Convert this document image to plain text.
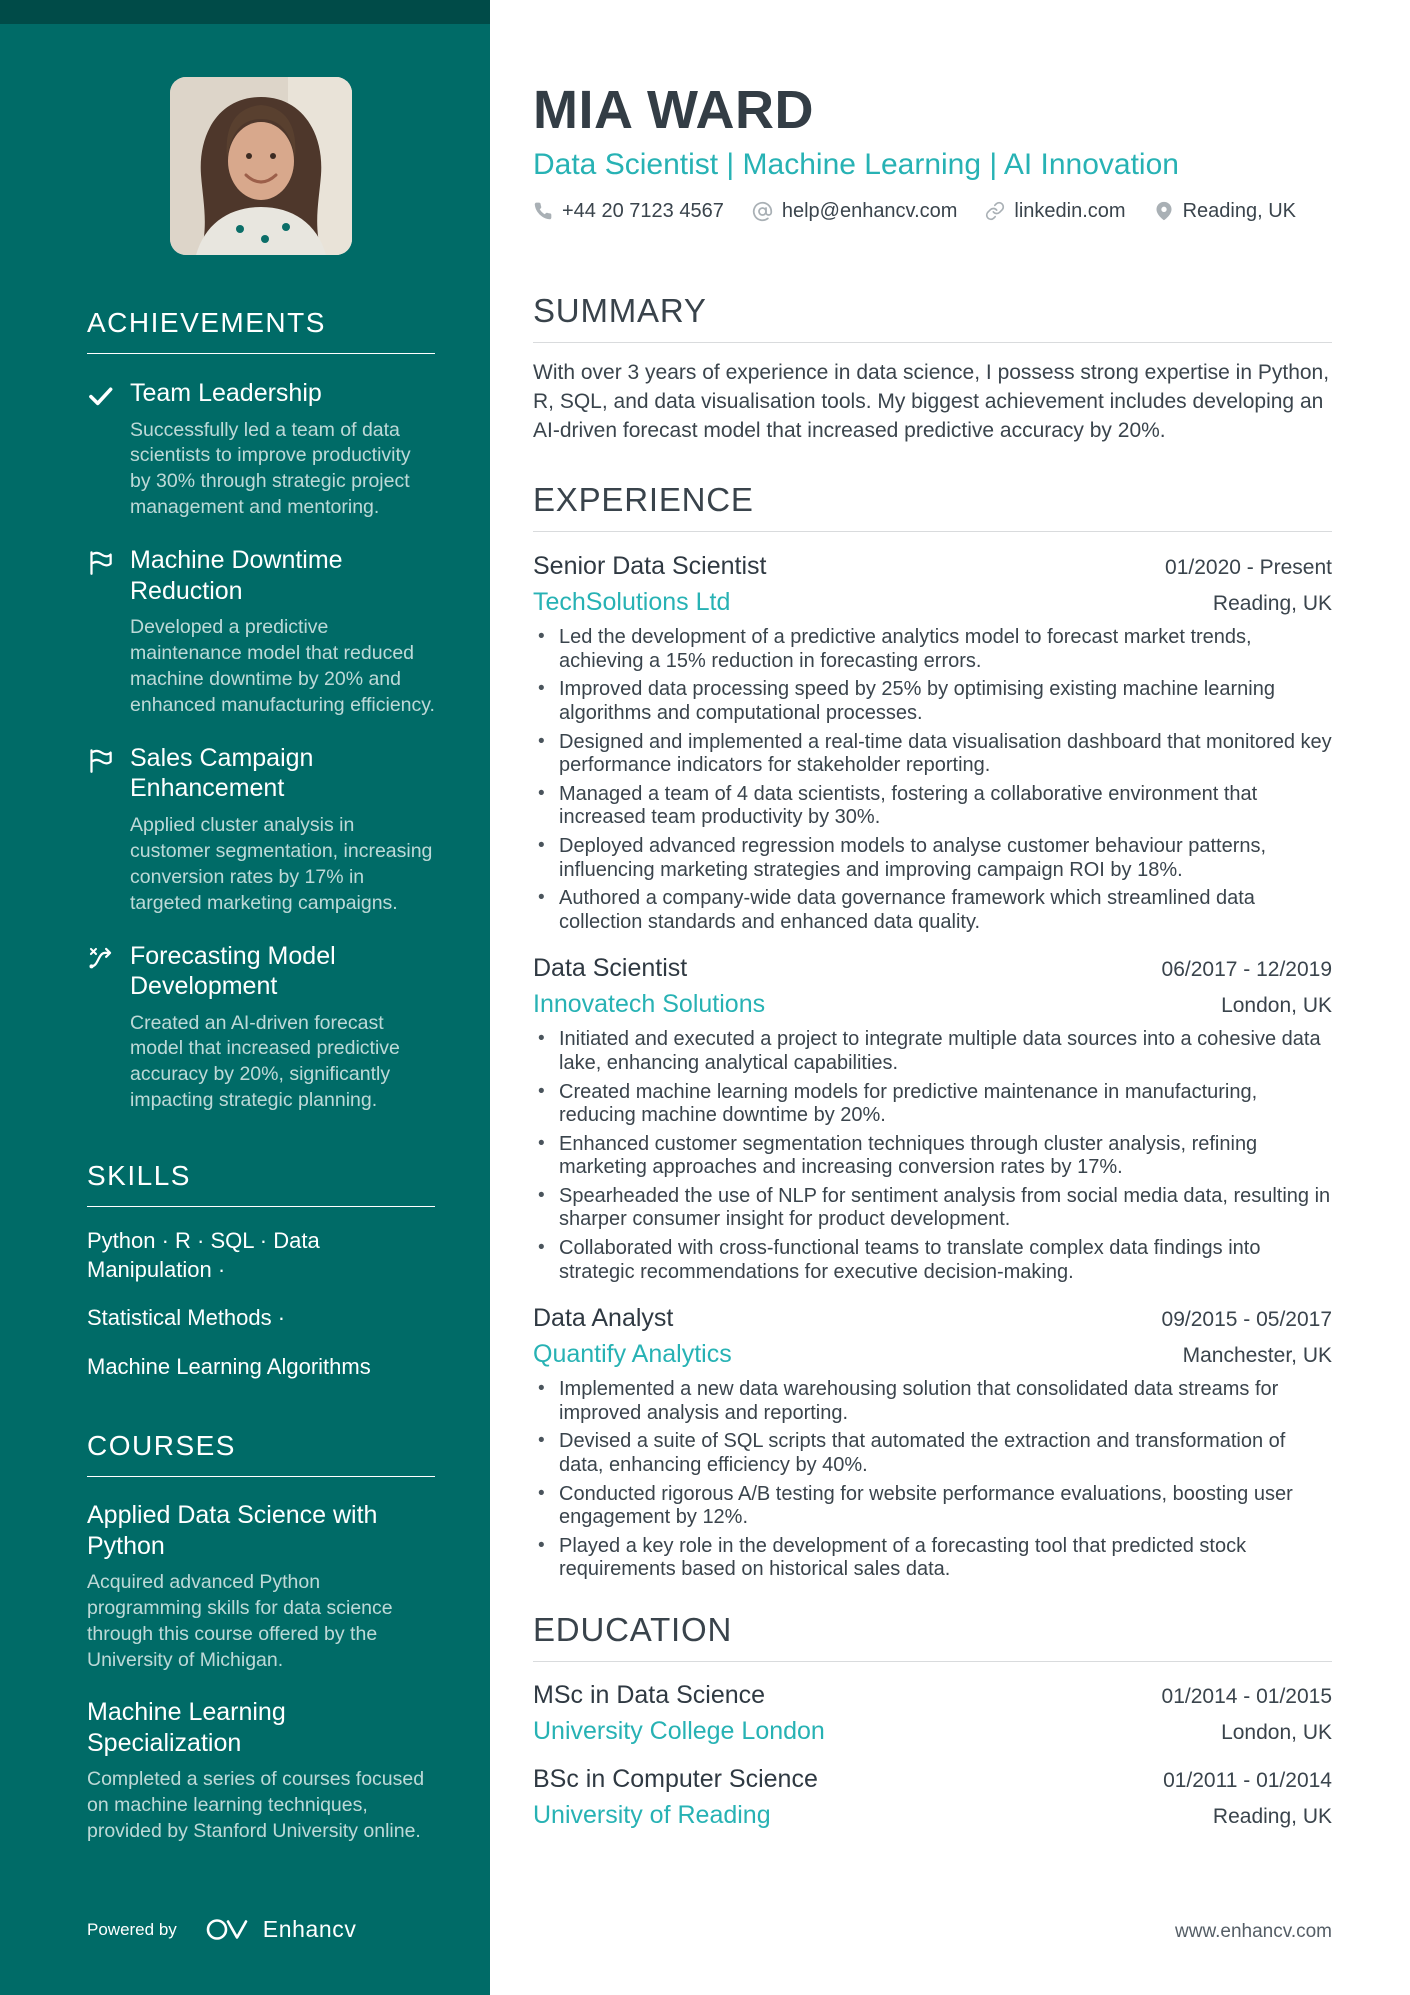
ACHIEVEMENTS
Team Leadership

Successfully led a team of data scientists to improve productivity by 30% through strategic project management and mentoring.

Machine Downtime Reduction

Developed a predictive maintenance model that reduced machine downtime by 20% and enhanced manufacturing efficiency.

Sales Campaign Enhancement

Applied cluster analysis in customer segmentation, increasing conversion rates by 17% in targeted marketing campaigns.

Forecasting Model Development

Created an AI-driven forecast model that increased predictive accuracy by 20%, significantly impacting strategic planning.

SKILLS
Python · R · SQL · Data Manipulation ·
Statistical Methods ·
Machine Learning Algorithms
COURSES
Applied Data Science with Python

Acquired advanced Python programming skills for data science through this course offered by the University of Michigan.

Machine Learning Specialization

Completed a series of courses focused on machine learning techniques, provided by Stanford University online.

Powered by	Enhancv
MIA WARD
Data Scientist | Machine Learning | AI Innovation
+44 20 7123 4567	help@enhancv.com	linkedin.com	Reading, UK
SUMMARY

With over 3 years of experience in data science, I possess strong expertise in Python, R, SQL, and data visualisation tools. My biggest achievement includes developing an AI-driven forecast model that increased predictive accuracy by 20%.

EXPERIENCE
Senior Data Scientist	01/2020 - Present
TechSolutions Ltd	Reading, UK
• Led the development of a predictive analytics model to forecast market trends, achieving a 15% reduction in forecasting errors.
• Improved data processing speed by 25% by optimising existing machine learning algorithms and computational processes.
• Designed and implemented a real-time data visualisation dashboard that monitored key performance indicators for stakeholder reporting.
• Managed a team of 4 data scientists, fostering a collaborative environment that increased team productivity by 30%.
• Deployed advanced regression models to analyse customer behaviour patterns, influencing marketing strategies and improving campaign ROI by 18%.
• Authored a company-wide data governance framework which streamlined data collection standards and enhanced data quality.
Data Scientist	06/2017 - 12/2019
Innovatech Solutions	London, UK
• Initiated and executed a project to integrate multiple data sources into a cohesive data lake, enhancing analytical capabilities.
• Created machine learning models for predictive maintenance in manufacturing, reducing machine downtime by 20%.
• Enhanced customer segmentation techniques through cluster analysis, refining marketing approaches and increasing conversion rates by 17%.
• Spearheaded the use of NLP for sentiment analysis from social media data, resulting in sharper consumer insight for product development.
• Collaborated with cross-functional teams to translate complex data findings into strategic recommendations for executive decision-making.
Data Analyst	09/2015 - 05/2017
Quantify Analytics	Manchester, UK
• Implemented a new data warehousing solution that consolidated data streams for improved analysis and reporting.
• Devised a suite of SQL scripts that automated the extraction and transformation of data, enhancing efficiency by 40%.
• Conducted rigorous A/B testing for website performance evaluations, boosting user engagement by 12%.
• Played a key role in the development of a forecasting tool that predicted stock requirements based on historical sales data.
EDUCATION
MSc in Data Science	01/2014 - 01/2015
University College London	London, UK
BSc in Computer Science	01/2011 - 01/2014
University of Reading	Reading, UK
www.enhancv.com
